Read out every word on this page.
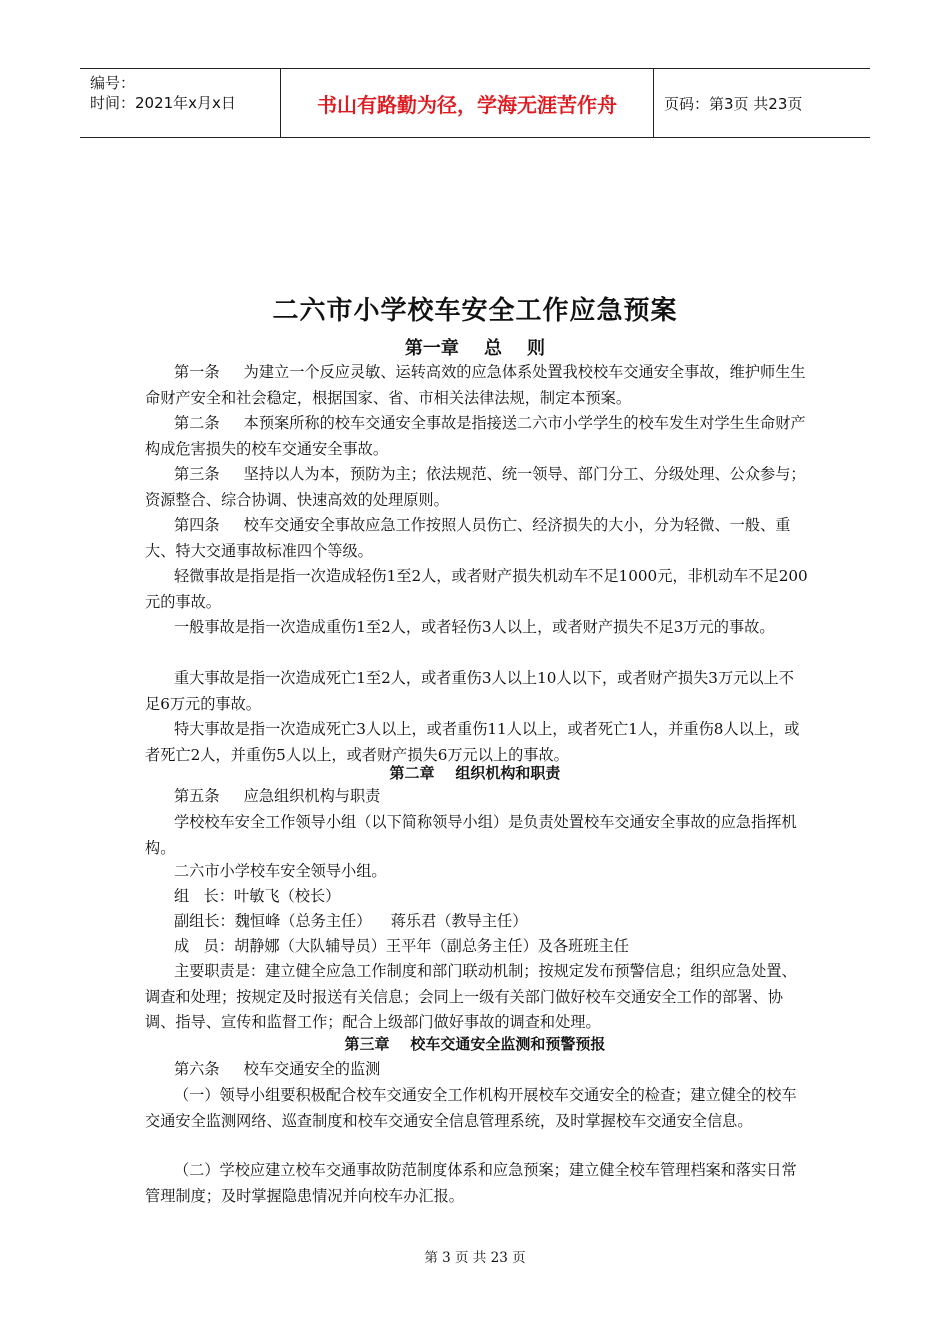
编号：
时间：2021年x月x日	书山有路勤为径，学海无涯苦作舟	页码：第3页 共23页
二六市小学校车安全工作应急预案
第一章    总    则
第一条     为建立一个反应灵敏、运转高效的应急体系处置我校校车交通安全事故，维护师生生命财产安全和社会稳定，根据国家、省、市相关法律法规，制定本预案。
第二条     本预案所称的校车交通安全事故是指接送二六市小学学生的校车发生对学生生命财产构成危害损失的校车交通安全事故。
第三条     坚持以人为本，预防为主；依法规范、统一领导、部门分工、分级处理、公众参与；资源整合、综合协调、快速高效的处理原则。
第四条     校车交通安全事故应急工作按照人员伤亡、经济损失的大小，分为轻微、一般、重大、特大交通事故标准四个等级。
轻微事故是指是指一次造成轻伤1至2人，或者财产损失机动车不足1000元，非机动车不足200元的事故。
一般事故是指一次造成重伤1至2人，或者轻伤3人以上，或者财产损失不足3万元的事故。
重大事故是指一次造成死亡1至2人，或者重伤3人以上10人以下，或者财产损失3万元以上不足6万元的事故。
特大事故是指一次造成死亡3人以上，或者重伤11人以上，或者死亡1人，并重伤8人以上，或者死亡2人，并重伤5人以上，或者财产损失6万元以上的事故。
第二章    组织机构和职责
第五条     应急组织机构与职责
学校校车安全工作领导小组（以下简称领导小组）是负责处置校车交通安全事故的应急指挥机构。
二六市小学校车安全领导小组。
组   长：叶敏飞（校长）
副组长：魏恒峰（总务主任）    蒋乐君（教导主任）
成   员：胡静娜（大队辅导员）王平年（副总务主任）及各班班主任
主要职责是：建立健全应急工作制度和部门联动机制；按规定发布预警信息；组织应急处置、调查和处理；按规定及时报送有关信息；会同上一级有关部门做好校车交通安全工作的部署、协调、指导、宣传和监督工作；配合上级部门做好事故的调查和处理。
第三章    校车交通安全监测和预警预报
第六条     校车交通安全的监测
（一）领导小组要积极配合校车交通安全工作机构开展校车交通安全的检查；建立健全的校车交通安全监测网络、巡查制度和校车交通安全信息管理系统，及时掌握校车交通安全信息。
（二）学校应建立校车交通事故防范制度体系和应急预案；建立健全校车管理档案和落实日常管理制度；及时掌握隐患情况并向校车办汇报。
第 3 页 共 23 页
